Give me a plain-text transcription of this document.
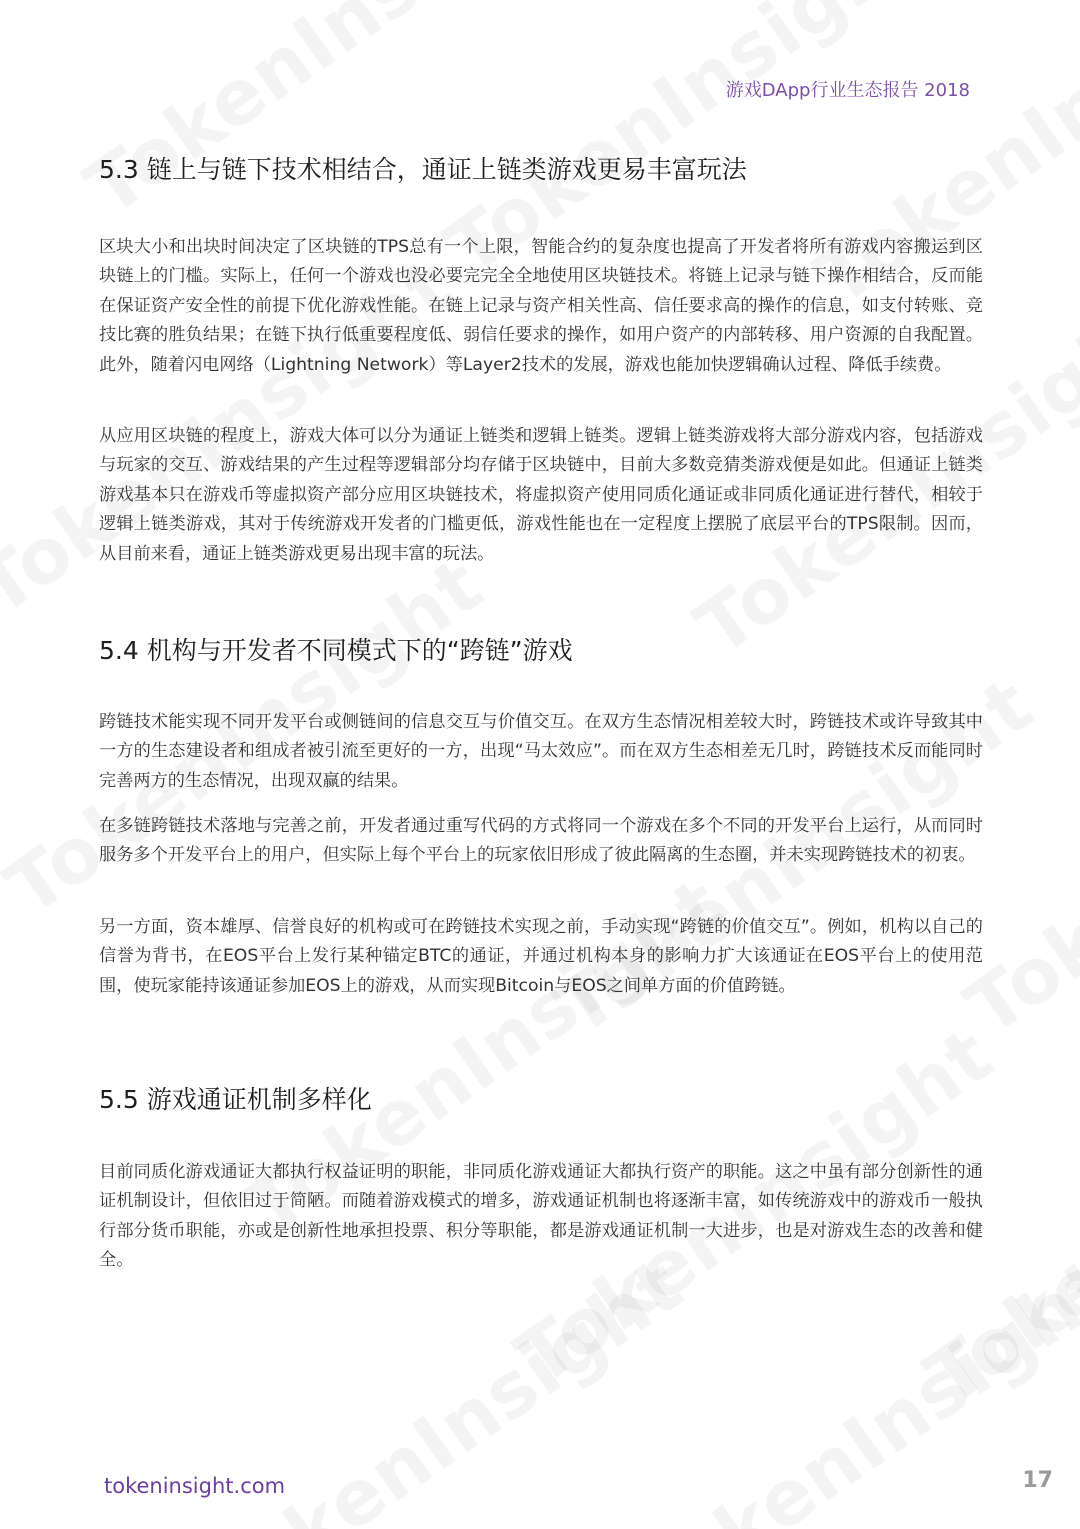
游戏DApp行业生态报告 2018
5.3 链上与链下技术相结合，通证上链类游戏更易丰富玩法

区块大小和出块时间决定了区块链的TPS总有一个上限，智能合约的复杂度也提高了开发者将所有游戏内容搬运到区块链上的门槛。实际上，任何一个游戏也没必要完完全全地使用区块链技术。将链上记录与链下操作相结合，反而能在保证资产安全性的前提下优化游戏性能。在链上记录与资产相关性高、信任要求高的操作的信息，如支付转账、竞技比赛的胜负结果；在链下执行低重要程度低、弱信任要求的操作，如用户资产的内部转移、用户资源的自我配置。此外，随着闪电网络（Lightning Network）等Layer2技术的发展，游戏也能加快逻辑确认过程、降低手续费。

从应用区块链的程度上，游戏大体可以分为通证上链类和逻辑上链类。逻辑上链类游戏将大部分游戏内容，包括游戏与玩家的交互、游戏结果的产生过程等逻辑部分均存储于区块链中，目前大多数竞猜类游戏便是如此。但通证上链类游戏基本只在游戏币等虚拟资产部分应用区块链技术，将虚拟资产使用同质化通证或非同质化通证进行替代，相较于逻辑上链类游戏，其对于传统游戏开发者的门槛更低，游戏性能也在一定程度上摆脱了底层平台的TPS限制。因而，从目前来看，通证上链类游戏更易出现丰富的玩法。

5.4 机构与开发者不同模式下的“跨链”游戏

跨链技术能实现不同开发平台或侧链间的信息交互与价值交互。在双方生态情况相差较大时，跨链技术或许导致其中一方的生态建设者和组成者被引流至更好的一方，出现“马太效应”。而在双方生态相差无几时，跨链技术反而能同时完善两方的生态情况，出现双赢的结果。

在多链跨链技术落地与完善之前，开发者通过重写代码的方式将同一个游戏在多个不同的开发平台上运行，从而同时服务多个开发平台上的用户，但实际上每个平台上的玩家依旧形成了彼此隔离的生态圈，并未实现跨链技术的初衷。

另一方面，资本雄厚、信誉良好的机构或可在跨链技术实现之前，手动实现“跨链的价值交互”。例如，机构以自己的信誉为背书，在EOS平台上发行某种锚定BTC的通证，并通过机构本身的影响力扩大该通证在EOS平台上的使用范围，使玩家能持该通证参加EOS上的游戏，从而实现Bitcoin与EOS之间单方面的价值跨链。

5.5 游戏通证机制多样化

目前同质化游戏通证大都执行权益证明的职能，非同质化游戏通证大都执行资产的职能。这之中虽有部分创新性的通证机制设计，但依旧过于简陋。而随着游戏模式的增多，游戏通证机制也将逐渐丰富，如传统游戏中的游戏币一般执行部分货币职能，亦或是创新性地承担投票、积分等职能，都是游戏通证机制一大进步，也是对游戏生态的改善和健全。

tokeninsight.com	17
